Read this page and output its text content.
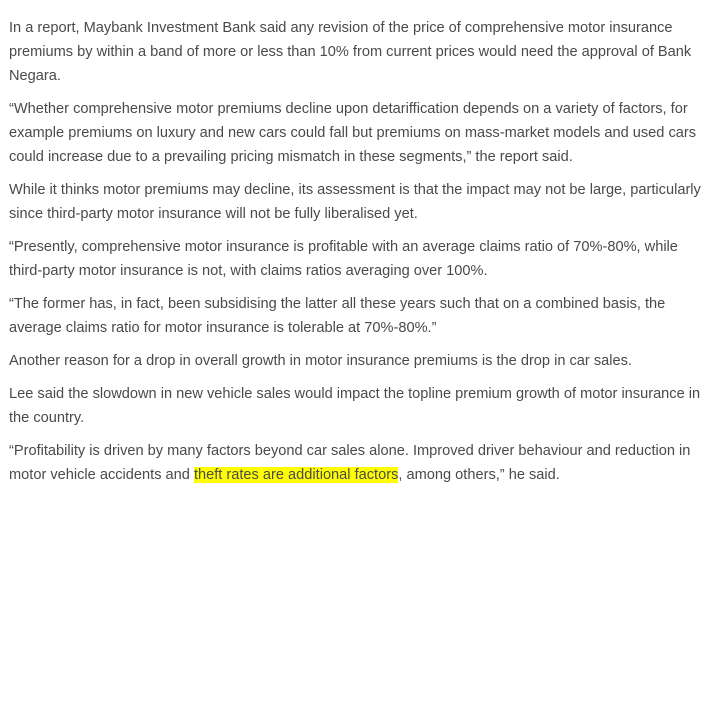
In a report, Maybank Investment Bank said any revision of the price of comprehensive motor insurance premiums by within a band of more or less than 10% from current prices would need the approval of Bank Negara.

“Whether comprehensive motor premiums decline upon detariffication depends on a variety of factors, for example premiums on luxury and new cars could fall but premiums on mass-market models and used cars could increase due to a prevailing pricing mismatch in these segments,” the report said.

While it thinks motor premiums may decline, its assessment is that the impact may not be large, particularly since third-party motor insurance will not be fully liberalised yet.

“Presently, comprehensive motor insurance is profitable with an average claims ratio of 70%-80%, while third-party motor insurance is not, with claims ratios averaging over 100%.

“The former has, in fact, been subsidising the latter all these years such that on a combined basis, the average claims ratio for motor insurance is tolerable at 70%-80%.”

Another reason for a drop in overall growth in motor insurance premiums is the drop in car sales.

Lee said the slowdown in new vehicle sales would impact the topline premium growth of motor insurance in the country.

“Profitability is driven by many factors beyond car sales alone. Improved driver behaviour and reduction in motor vehicle accidents and theft rates are additional factors, among others,” he said.
